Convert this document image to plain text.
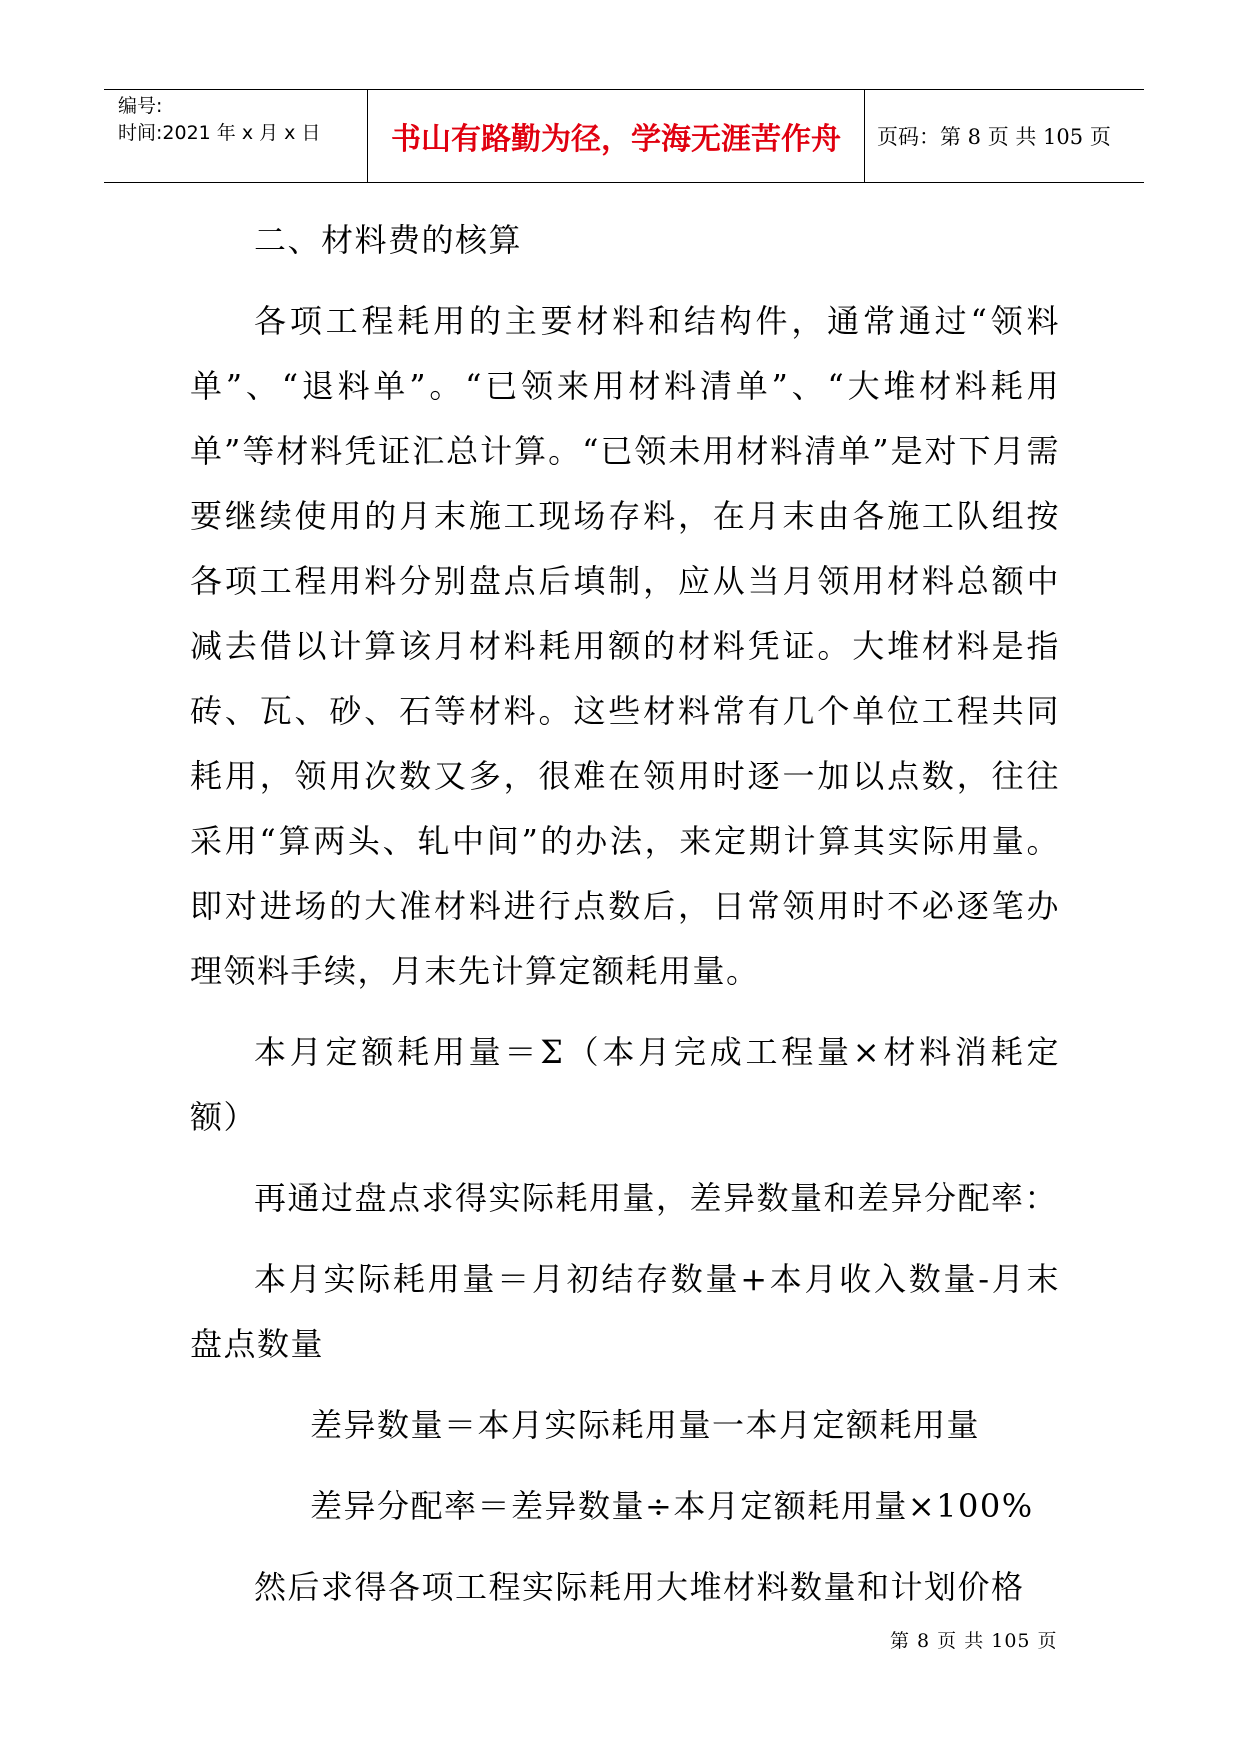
编号:
时间:2021 年 x 月 x 日	书山有路勤为径，学海无涯苦作舟 页码：第 8 页 共 105 页

二、材料费的核算

各项工程耗用的主要材料和结构件，通常通过“领料单”、“退料单”。“已领来用材料清单”、“大堆材料耗用单”等材料凭证汇总计算。“已领未用材料清单”是对下月需要继续使用的月末施工现场存料，在月末由各施工队组按各项工程用料分别盘点后填制，应从当月领用材料总额中减去借以计算该月材料耗用额的材料凭证。大堆材料是指砖、瓦、砂、石等材料。这些材料常有几个单位工程共同耗用，领用次数又多，很难在领用时逐一加以点数，往往采用“算两头、轧中间”的办法，来定期计算其实际用量。即对进场的大准材料进行点数后，日常领用时不必逐笔办理领料手续，月末先计算定额耗用量。

本月定额耗用量＝Σ（本月完成工程量×材料消耗定额）

再通过盘点求得实际耗用量，差异数量和差异分配率：

本月实际耗用量＝月初结存数量+本月收入数量-月末盘点数量

差异数量＝本月实际耗用量一本月定额耗用量

差异分配率＝差异数量÷本月定额耗用量×100%

然后求得各项工程实际耗用大堆材料数量和计划价格

第 8 页 共 105 页
